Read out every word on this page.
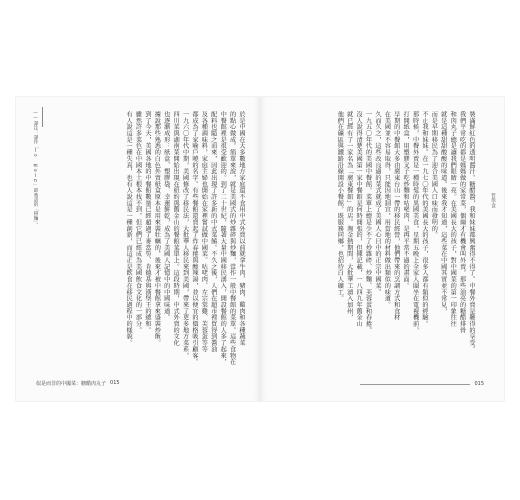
於是中國在大多數地方家庭還不食用中式外賣以前就拿牛肉、豬肉、雞肉和各種蔬菜
的點心做成。簡單來說，就是美國式的炒雜碎與炒麵，當作一般中餐館的菜單。這些食物在
中餐館裡是很受歡迎的。到了二十世紀，隨著大量中國移民湧入，開設餐館的人多了起來，
配料也隨之而來，因此出現了許多新的中式菜餚。不久之後，人們在超市裡買得到醬油
及各種調味料，家庭主婦也開始在家裡嘗試做中國菜。咕咾肉、左宗棠雞、芙蓉蛋等等
都成為了家喻戶曉的名字。有些餐館還賣起了炸春捲與酸辣湯，並以便宜的價格吸引顧客。
一九六〇年代中期，美國修改了移民法，大批華人移民來到美國，帶來了更多地方菜系。
四川菜與湖南菜開始出現在紐約與舊金山的餐館菜單上。這段時期，中式外賣的文化
也逐漸成形：紙盒、塑膠袋、幸運餅乾，成為了美國人記憶中的中國味道。
據說那些熟悉的白色外賣紙盒原本是用來裝牡蠣的，後來才被中餐館拿來盛裝炒飯。
到了今天，美國各地的中餐館數量已經超過了麥當勞、肯德基與漢堡王的總和。
雖然許多菜色在中國本土根本找不到，但它們已經成為美國飲食文化的一部分。
有人說這是一種失真，也有人說這是一種創新，而這正是飲食在移民過程中的樣貌。
——譯注：譯作「lo mein」即粵語的「撈麵」。
似是而非的中國菜：糖醋肉丸子 015
裝滿鮮紅色的透明醬汁。糖醋醬，我和妹妹都興奮得不得了。中餐外賣是難得的享受。
我們平常吃的都是媽媽做的家常菜，偶爾才有機會叫外賣。那些油亮的糖醋排骨
和肉丸子總是讓我們眼睛一亮。在美國長大的孩子，對中國菜的第一印象往往
就是這種甜甜酸酸的味道。後來我才知道，這些菜在中國其實並不常見，
而是早期移民為了迎合美國人口味而發明的。
不止我和妹妹。在一九七〇年代的美國長大的孩子，很多人都有類似的經驗。
那時候，中餐外賣是一種時髦的異國美食，星期五晚上全家人圍坐在電視機前，
打開紙盒，用塑膠叉子吃炒麵和咕咾肉，是再平常不過的畫面。
早期的中餐館大多由廣東台山一帶的移民經營，他們帶來的烹調方式和食材
在美國並不容易取得，只能因地制宜，用當地的材料做出類似的味道。
久而久之，這些改良過的菜式就成了美國人心目中的正宗中國菜。
一九五〇年代的美國中餐館，菜單上總是少不了炒雜碎、炒麵、芙蓉蛋和春捲。
沒人說得清楚美國第一家中餐館是何時開張的，但據記載，一八四九年舊金山
就已經有了一家名為「廣東餐館」的店。淘金熱期間，大批華工湧入加州，
他們在礦區與鐵路沿線開設小餐館，既服務同鄉，也招待白人礦工。	哲學食
015
